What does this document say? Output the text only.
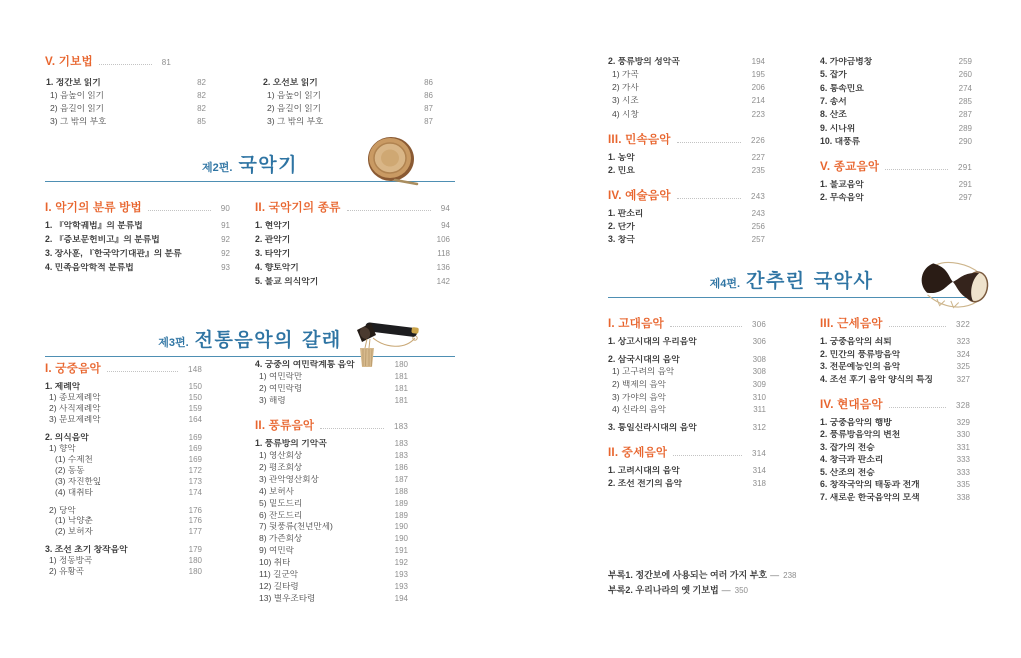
V. 기보법	81
1. 정간보 읽기	82
1) 음높이 읽기	82
2) 음길이 읽기	82
3) 그 밖의 부호	85
2. 오선보 읽기	86
1) 음높이 읽기	86
2) 음길이 읽기	87
3) 그 밖의 부호	87
제2편. 국악기
I. 악기의 분류 방법	90
1. 『악학궤범』의 분류법	91
2. 『증보문헌비고』의 분류법	92
3. 장사훈, 『한국악기대관』의 분류	92
4. 민족음악학적 분류법	93
II. 국악기의 종류	94
1. 현악기	94
2. 관악기	106
3. 타악기	118
4. 향토악기	136
5. 불교 의식악기	142
제3편. 전통음악의 갈래
I. 궁중음악	148
1. 제례악	150
1) 종묘제례악	150
2) 사직제례악	159
3) 문묘제례악	164
2. 의식음악	169
1) 향악	169
(1) 수제천	169
(2) 동동	172
(3) 자진한잎	173
(4) 대취타	174
2) 당악	176
(1) 낙양춘	176
(2) 보허자	177
3. 조선 초기 창작음악	179
1) 정동방곡	180
2) 유황곡	180
4. 궁중의 여민락계통 음악	180
1) 여민락만	181
2) 여민락령	181
3) 해령	181
II. 풍류음악	183
1. 풍류방의 기악곡	183
1) 영산회상	183
2) 평조회상	186
3) 관악영산회상	187
4) 보허사	188
5) 밑도드리	189
6) 잔도드리	189
7) 뒷풍류(천년만세)	190
8) 가즌회상	190
9) 여민락	191
10) 취타	192
11) 길군악	193
12) 길타령	193
13) 별우조타령	194
2. 풍류방의 성악곡	194
1) 가곡	195
2) 가사	206
3) 시조	214
4) 시창	223
III. 민속음악	226
1. 농악	227
2. 민요	235
IV. 예술음악	243
1. 판소리	243
2. 단가	256
3. 창극	257
4. 가야금병창	259
5. 잡가	260
6. 통속민요	274
7. 송서	285
8. 산조	287
9. 시나위	289
10. 대풍류	290
V. 종교음악	291
1. 불교음악	291
2. 무속음악	297
제4편. 간추린 국악사
I. 고대음악	306
1. 상고시대의 우리음악	306
2. 삼국시대의 음악	308
1) 고구려의 음악	308
2) 백제의 음악	309
3) 가야의 음악	310
4) 신라의 음악	311
3. 통일신라시대의 음악	312
II. 중세음악	314
1. 고려시대의 음악	314
2. 조선 전기의 음악	318
III. 근세음악	322
1. 궁중음악의 쇠퇴	323
2. 민간의 풍류방음악	324
3. 전문예능인의 음악	325
4. 조선 후기 음악 양식의 특징	327
IV. 현대음악	328
1. 궁중음악의 행방	329
2. 풍류방음악의 변천	330
3. 잡가의 전승	331
4. 창극과 판소리	333
5. 산조의 전승	333
6. 창작국악의 태동과 전개	335
7. 새로운 한국음악의 모색	338
부록1. 정간보에 사용되는 여러 가지 부호 — 238
부록2. 우리나라의 옛 기보법 — 350
